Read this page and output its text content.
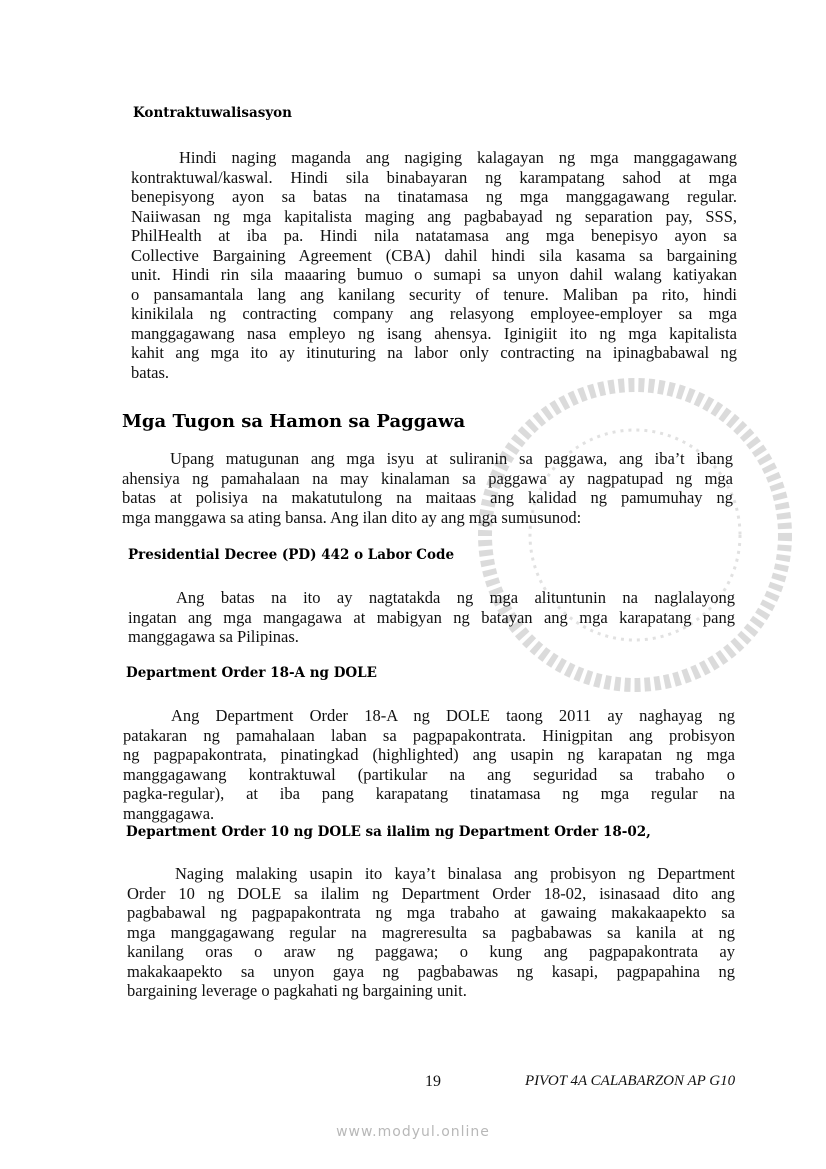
Kontraktuwalisasyon
Hindi naging maganda ang nagiging kalagayan ng mga manggagawang
kontraktuwal/kaswal. Hindi sila binabayaran ng karampatang sahod at mga
benepisyong ayon sa batas na tinatamasa ng mga manggagawang regular.
Naiiwasan ng mga kapitalista maging ang pagbabayad ng separation pay, SSS,
PhilHealth at iba pa. Hindi nila natatamasa ang mga benepisyo ayon sa
Collective Bargaining Agreement (CBA) dahil hindi sila kasama sa bargaining
unit. Hindi rin sila maaaring bumuo o sumapi sa unyon dahil walang katiyakan
o pansamantala lang ang kanilang security of tenure. Maliban pa rito, hindi
kinikilala ng contracting company ang relasyong employee-employer sa mga
manggagawang nasa empleyo ng isang ahensya. Iginigiit ito ng mga kapitalista
kahit ang mga ito ay itinuturing na labor only contracting na ipinagbabawal ng
batas.
Mga Tugon sa Hamon sa Paggawa
Upang matugunan ang mga isyu at suliranin sa paggawa, ang iba’t ibang
ahensiya ng pamahalaan na may kinalaman sa paggawa ay nagpatupad ng mga
batas at polisiya na makatutulong na maitaas ang kalidad ng pamumuhay ng
mga manggawa sa ating bansa. Ang ilan dito ay ang mga sumusunod:
Presidential Decree (PD) 442 o Labor Code
Ang batas na ito ay nagtatakda ng mga alituntunin na naglalayong
ingatan ang mga mangagawa at mabigyan ng batayan ang mga karapatang pang
manggagawa sa Pilipinas.
Department Order 18-A ng DOLE
Ang Department Order 18-A ng DOLE taong 2011 ay naghayag ng
patakaran ng pamahalaan laban sa pagpapakontrata. Hinigpitan ang probisyon
ng pagpapakontrata, pinatingkad (highlighted) ang usapin ng karapatan ng mga
manggagawang kontraktuwal (partikular na ang seguridad sa trabaho o
pagka-regular), at iba pang karapatang tinatamasa ng mga regular na
manggagawa.
Department Order 10 ng DOLE sa ilalim ng Department Order 18-02,
Naging malaking usapin ito kaya’t binalasa ang probisyon ng Department
Order 10 ng DOLE sa ilalim ng Department Order 18-02, isinasaad dito ang
pagbabawal ng pagpapakontrata ng mga trabaho at gawaing makakaapekto sa
mga manggagawang regular na magreresulta sa pagbabawas sa kanila at ng
kanilang oras o araw ng paggawa; o kung ang pagpapakontrata ay
makakaapekto sa unyon gaya ng pagbabawas ng kasapi, pagpapahina ng
bargaining leverage o pagkahati ng bargaining unit.
19	PIVOT 4A CALABARZON AP G10
www.modyul.online
